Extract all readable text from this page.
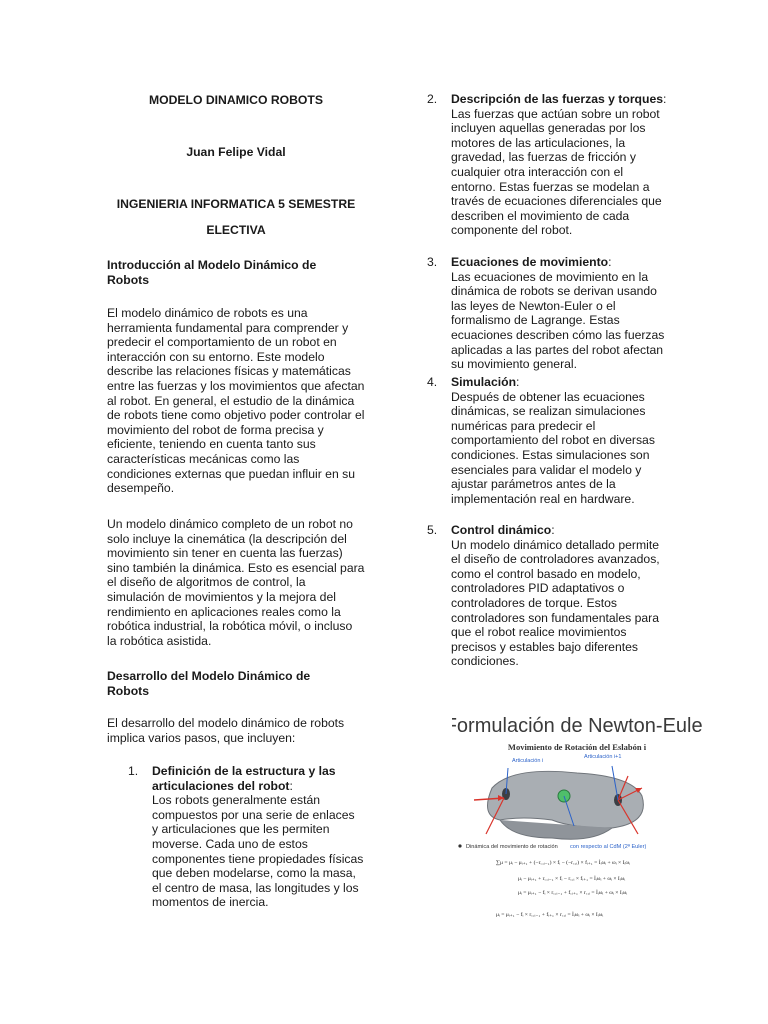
MODELO DINAMICO ROBOTS

Juan Felipe Vidal

INGENIERIA INFORMATICA 5 SEMESTRE

ELECTIVA

Introducción al Modelo Dinámico de Robots

El modelo dinámico de robots es una herramienta fundamental para comprender y predecir el comportamiento de un robot en interacción con su entorno. Este modelo describe las relaciones físicas y matemáticas entre las fuerzas y los movimientos que afectan al robot. En general, el estudio de la dinámica de robots tiene como objetivo poder controlar el movimiento del robot de forma precisa y eficiente, teniendo en cuenta tanto sus características mecánicas como las condiciones externas que puedan influir en su desempeño.

Un modelo dinámico completo de un robot no solo incluye la cinemática (la descripción del movimiento sin tener en cuenta las fuerzas) sino también la dinámica. Esto es esencial para el diseño de algoritmos de control, la simulación de movimientos y la mejora del rendimiento en aplicaciones reales como la robótica industrial, la robótica móvil, o incluso la robótica asistida.

Desarrollo del Modelo Dinámico de Robots

El desarrollo del modelo dinámico de robots implica varios pasos, que incluyen:

1. Definición de la estructura y las articulaciones del robot:
Los robots generalmente están compuestos por una serie de enlaces y articulaciones que les permiten moverse. Cada uno de estos componentes tiene propiedades físicas que deben modelarse, como la masa, el centro de masa, las longitudes y los momentos de inercia.
2. Descripción de las fuerzas y torques:
Las fuerzas que actúan sobre un robot incluyen aquellas generadas por los motores de las articulaciones, la gravedad, las fuerzas de fricción y cualquier otra interacción con el entorno. Estas fuerzas se modelan a través de ecuaciones diferenciales que describen el movimiento de cada componente del robot.
3. Ecuaciones de movimiento:
Las ecuaciones de movimiento en la dinámica de robots se derivan usando las leyes de Newton-Euler o el formalismo de Lagrange. Estas ecuaciones describen cómo las fuerzas aplicadas a las partes del robot afectan su movimiento general.
4. Simulación:
Después de obtener las ecuaciones dinámicas, se realizan simulaciones numéricas para predecir el comportamiento del robot en diversas condiciones. Estas simulaciones son esenciales para validar el modelo y ajustar parámetros antes de la implementación real en hardware.
5. Control dinámico:
Un modelo dinámico detallado permite el diseño de controladores avanzados, como el control basado en modelo, controladores PID adaptativos o controladores de torque. Estos controladores son fundamentales para que el robot realice movimientos precisos y estables bajo diferentes condiciones.
Formulación de Newton-Euler
Movimiento de Rotación del Eslabón i
Articulación i
Articulación i+1
Dinámica del movimiento de rotación con respecto al CdM (2ª Euler)
∑μ = μᵢ − μᵢ₊₁ + (−r꜀,ᵢ₋₁) × fᵢ − (−r꜀,ᵢ) × fᵢ₊₁ = İᵢωᵢ + ωᵢ × Iᵢωᵢ
μᵢ − μᵢ₊₁ + r꜀,ᵢ₋₁ × fᵢ − r꜀,ᵢ × fᵢ₊₁ = İᵢωᵢ + ωᵢ × Iᵢωᵢ
μᵢ = μᵢ₊₁ − fᵢ × r꜀,ᵢ₋₁ + f꜀ᵢ₊₁ × r꜀,ᵢ = İᵢωᵢ + ωᵢ × Iᵢωᵢ
μᵢ = μᵢ₊₁ − fᵢ × r꜀,ᵢ₋₁ + fᵢ₊₁ × r꜀,ᵢ = İᵢωᵢ + ωᵢ × Iᵢωᵢ
